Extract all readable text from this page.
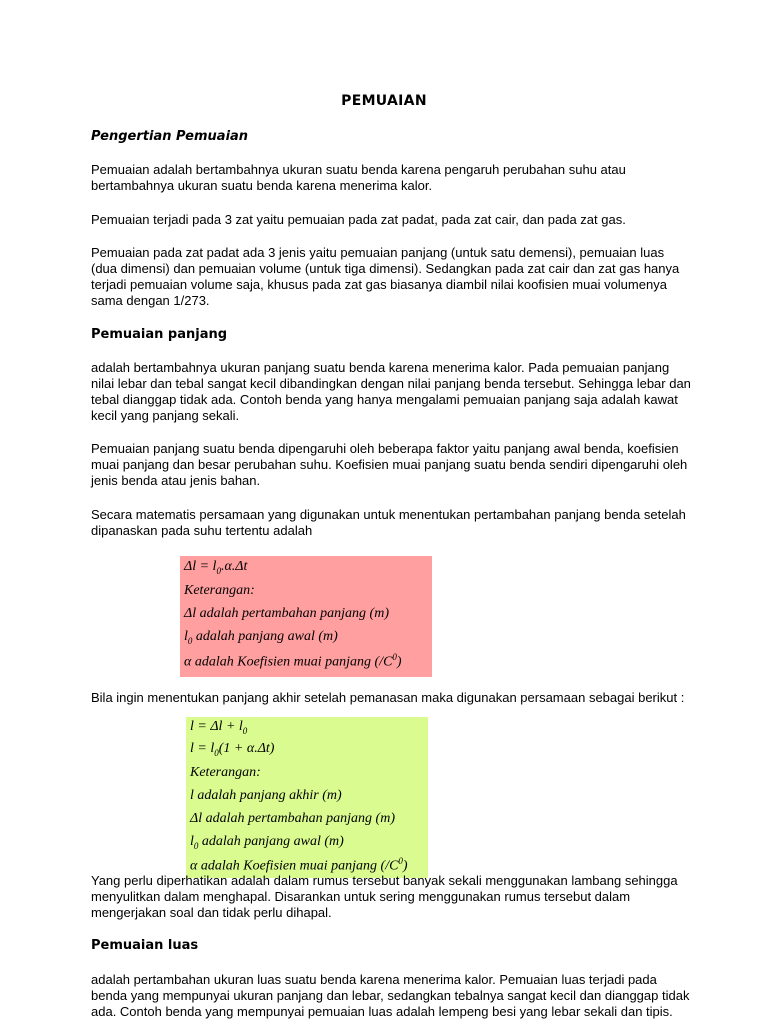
PEMUAIAN
Pengertian Pemuaian
Pemuaian adalah bertambahnya ukuran suatu benda karena pengaruh perubahan suhu atau bertambahnya ukuran suatu benda karena menerima kalor.
Pemuaian terjadi pada 3 zat yaitu pemuaian pada zat padat, pada zat cair, dan pada zat gas.
Pemuaian pada zat padat ada 3 jenis yaitu pemuaian panjang (untuk satu demensi), pemuaian luas (dua dimensi) dan pemuaian volume (untuk tiga dimensi). Sedangkan pada zat cair dan zat gas hanya terjadi pemuaian volume saja, khusus pada zat gas biasanya diambil nilai koofisien muai volumenya sama dengan 1/273.
Pemuaian panjang
adalah bertambahnya ukuran panjang suatu benda karena menerima kalor. Pada pemuaian panjang nilai lebar dan tebal sangat kecil dibandingkan dengan nilai panjang benda tersebut. Sehingga lebar dan tebal dianggap tidak ada. Contoh benda yang hanya mengalami pemuaian panjang saja adalah kawat kecil yang panjang sekali.
Pemuaian panjang suatu benda dipengaruhi oleh beberapa faktor yaitu panjang awal benda, koefisien muai panjang dan besar perubahan suhu. Koefisien muai panjang suatu benda sendiri dipengaruhi oleh jenis benda atau jenis bahan.
Secara matematis persamaan yang digunakan untuk menentukan pertambahan panjang benda setelah dipanaskan pada suhu tertentu adalah
$\Delta l = l_0.\alpha.\Delta t$
Keterangan:
Δl adalah pertambahan panjang (m)
$l_0$ adalah panjang awal (m)
α adalah Koefisien muai panjang $(/C^0)$
Bila ingin menentukan panjang akhir setelah pemanasan maka digunakan persamaan sebagai berikut :
$l = \Delta l + l_0$
$l = l_0(1 + \alpha.\Delta t)$
Keterangan:
l adalah panjang akhir (m)
Δl adalah pertambahan panjang (m)
$l_0$ adalah panjang awal (m)
α adalah Koefisien muai panjang $(/C^0)$
Yang perlu diperhatikan adalah dalam rumus tersebut banyak sekali menggunakan lambang sehingga menyulitkan dalam menghapal. Disarankan untuk sering menggunakan rumus tersebut dalam mengerjakan soal dan tidak perlu dihapal.
Pemuaian luas
adalah pertambahan ukuran luas suatu benda karena menerima kalor. Pemuaian luas terjadi pada benda yang mempunyai ukuran panjang dan lebar, sedangkan tebalnya sangat kecil dan dianggap tidak ada. Contoh benda yang mempunyai pemuaian luas adalah lempeng besi yang lebar sekali dan tipis.
